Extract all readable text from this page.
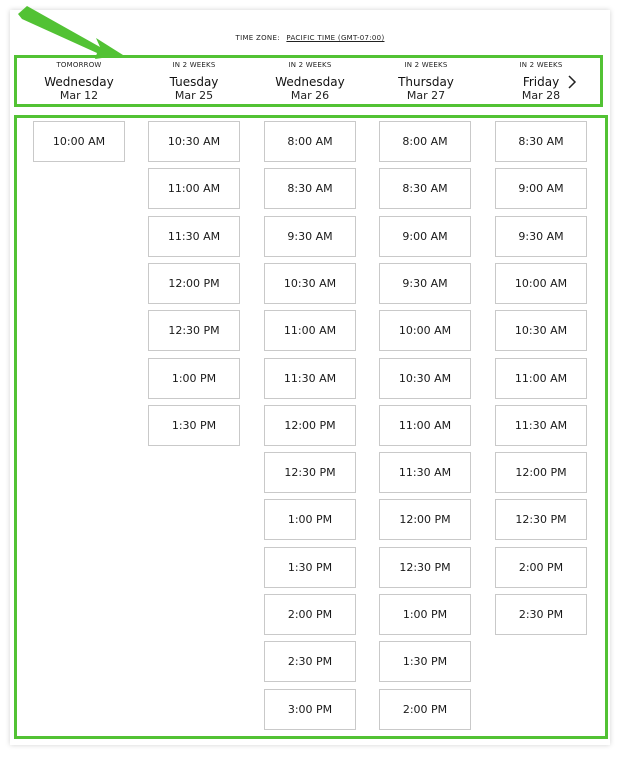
TIME ZONE: PACIFIC TIME (GMT-07:00)
TOMORROW
Wednesday
Mar 12
IN 2 WEEKS
Tuesday
Mar 25
IN 2 WEEKS
Wednesday
Mar 26
IN 2 WEEKS
Thursday
Mar 27
IN 2 WEEKS
Friday
Mar 28
10:00 AM	10:30 AM
11:00 AM
11:30 AM
12:00 PM
12:30 PM
1:00 PM
1:30 PM
8:00 AM
8:30 AM
9:30 AM
10:30 AM
11:00 AM
11:30 AM
12:00 PM
12:30 PM
1:00 PM
1:30 PM
2:00 PM
2:30 PM
3:00 PM
8:00 AM
8:30 AM
9:00 AM
9:30 AM
10:00 AM
10:30 AM
11:00 AM
11:30 AM
12:00 PM
12:30 PM
1:00 PM
1:30 PM
2:00 PM
8:30 AM
9:00 AM
9:30 AM
10:00 AM
10:30 AM
11:00 AM
11:30 AM
12:00 PM
12:30 PM
2:00 PM
2:30 PM
